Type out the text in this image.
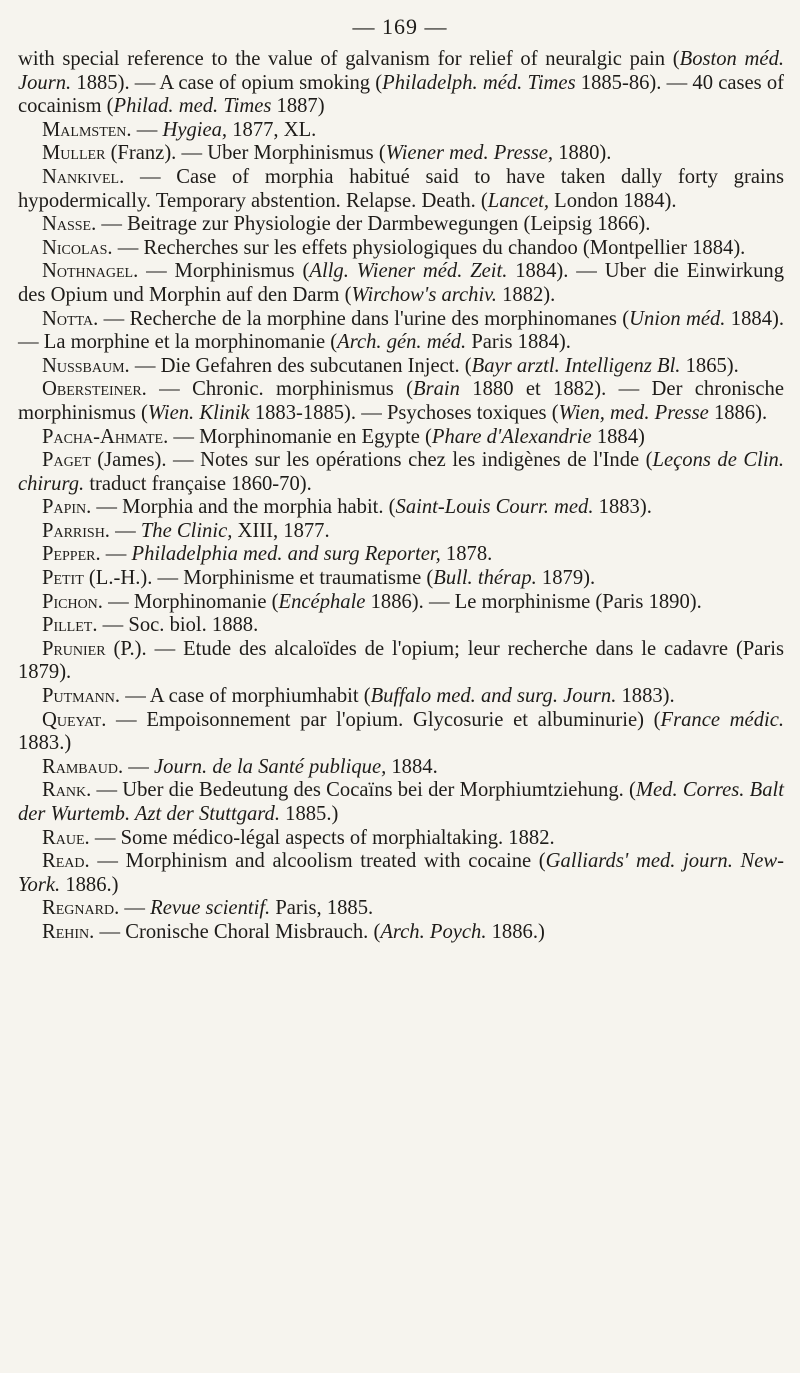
— 169 —

with special reference to the value of galvanism for relief of neuralgic pain (Boston méd. Journ. 1885). — A case of opium smoking (Philadelph. méd. Times 1885-86). — 40 cases of cocainism (Philad. med. Times 1887)

Malmsten. — Hygiea, 1877, XL.

Muller (Franz). — Uber Morphinismus (Wiener med. Presse, 1880).

Nankivel. — Case of morphia habitué said to have taken dally forty grains hypodermically. Temporary abstention. Relapse. Death. (Lancet, London 1884).

Nasse. — Beitrage zur Physiologie der Darmbewegungen (Leipsig 1866).

Nicolas. — Recherches sur les effets physiologiques du chandoo (Montpellier 1884).

Nothnagel. — Morphinismus (Allg. Wiener méd. Zeit. 1884). — Uber die Einwirkung des Opium und Morphin auf den Darm (Wirchow's archiv. 1882).

Notta. — Recherche de la morphine dans l'urine des morphinomanes (Union méd. 1884). — La morphine et la morphinomanie (Arch. gén. méd. Paris 1884).

Nussbaum. — Die Gefahren des subcutanen Inject. (Bayr arztl. Intelligenz Bl. 1865).

Obersteiner. — Chronic. morphinismus (Brain 1880 et 1882). — Der chronische morphinismus (Wien. Klinik 1883-1885). — Psychoses toxiques (Wien, med. Presse 1886).

Pacha-Ahmate. — Morphinomanie en Egypte (Phare d'Alexandrie 1884)

Paget (James). — Notes sur les opérations chez les indigènes de l'Inde (Leçons de Clin. chirurg. traduct française 1860-70).

Papin. — Morphia and the morphia habit. (Saint-Louis Courr. med. 1883).

Parrish. — The Clinic, XIII, 1877.

Pepper. — Philadelphia med. and surg Reporter, 1878.

Petit (L.-H.). — Morphinisme et traumatisme (Bull. thérap. 1879).

Pichon. — Morphinomanie (Encéphale 1886). — Le morphinisme (Paris 1890).

Pillet. — Soc. biol. 1888.

Prunier (P.). — Etude des alcaloïdes de l'opium; leur recherche dans le cadavre (Paris 1879).

Putmann. — A case of morphiumhabit (Buffalo med. and surg. Journ. 1883).

Queyat. — Empoisonnement par l'opium. Glycosurie et albuminurie) (France médic. 1883.)

Rambaud. — Journ. de la Santé publique, 1884.

Rank. — Uber die Bedeutung des Cocaïns bei der Morphiumtziehung. (Med. Corres. Balt der Wurtemb. Azt der Stuttgard. 1885.)

Raue. — Some médico-légal aspects of morphialtaking. 1882.

Read. — Morphinism and alcoolism treated with cocaine (Galliards' med. journ. New-York. 1886.)

Regnard. — Revue scientif. Paris, 1885.

Rehin. — Cronische Choral Misbrauch. (Arch. Poych. 1886.)
